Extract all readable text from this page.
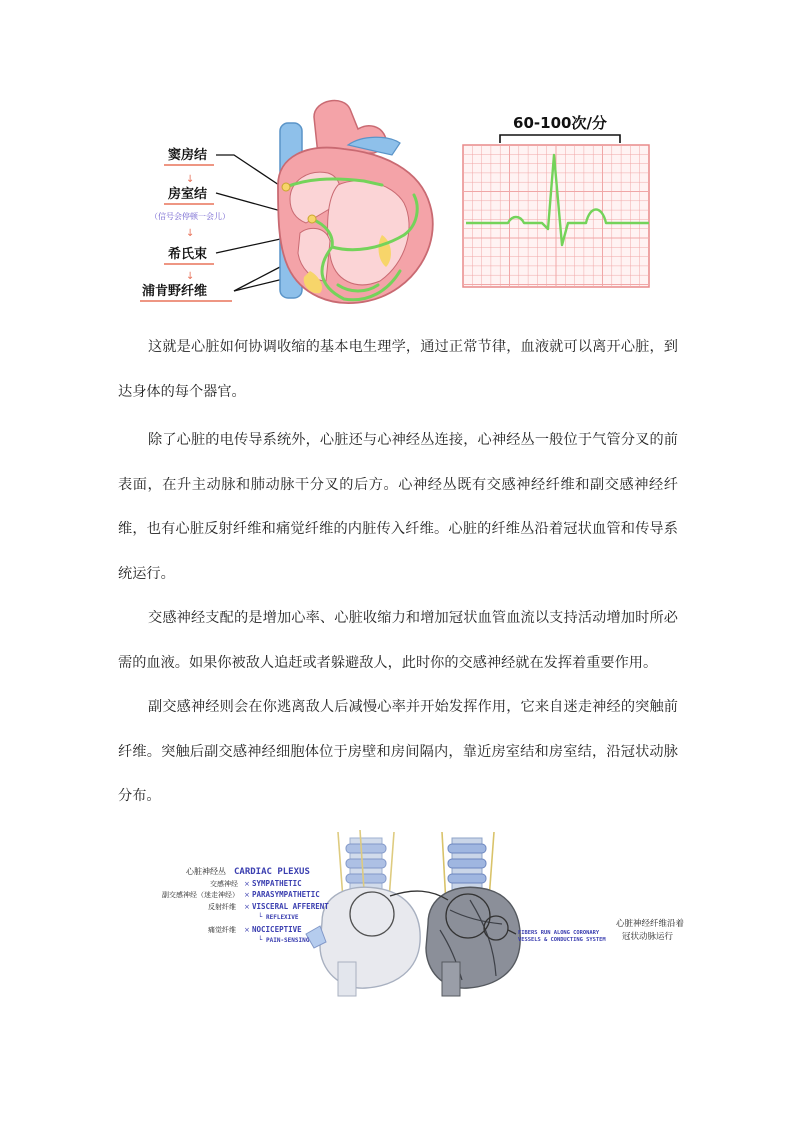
窦房结
↓
房室结
（信号会停顿一会儿）
↓
希氏束
↓
浦肯野纤维
60-100次/分

这就是心脏如何协调收缩的基本电生理学，通过正常节律，血液就可以离开心脏，到达身体的每个器官。

除了心脏的电传导系统外，心脏还与心神经丛连接，心神经丛一般位于气管分叉的前表面，在升主动脉和肺动脉干分叉的后方。心神经丛既有交感神经纤维和副交感神经纤维，也有心脏反射纤维和痛觉纤维的内脏传入纤维。心脏的纤维丛沿着冠状血管和传导系统运行。

交感神经支配的是增加心率、心脏收缩力和增加冠状血管血流以支持活动增加时所必需的血液。如果你被敌人追赶或者躲避敌人，此时你的交感神经就在发挥着重要作用。

副交感神经则会在你逃离敌人后减慢心率并开始发挥作用，它来自迷走神经的突触前纤维。突触后副交感神经细胞体位于房壁和房间隔内，靠近房室结和房室结，沿冠状动脉分布。

心脏神经丛 CARDIAC PLEXUS
交感神经 × SYMPATHETIC
副交感神经（迷走神经） × PARASYMPATHETIC
反射纤维 × VISCERAL AFFERENT
└ REFLEXIVE
痛觉纤维 × NOCICEPTIVE
└ PAIN-SENSING
FIBERS RUN ALONG CORONARY
VESSELS & CONDUCTING SYSTEM
心脏神经纤维沿着
冠状动脉运行
